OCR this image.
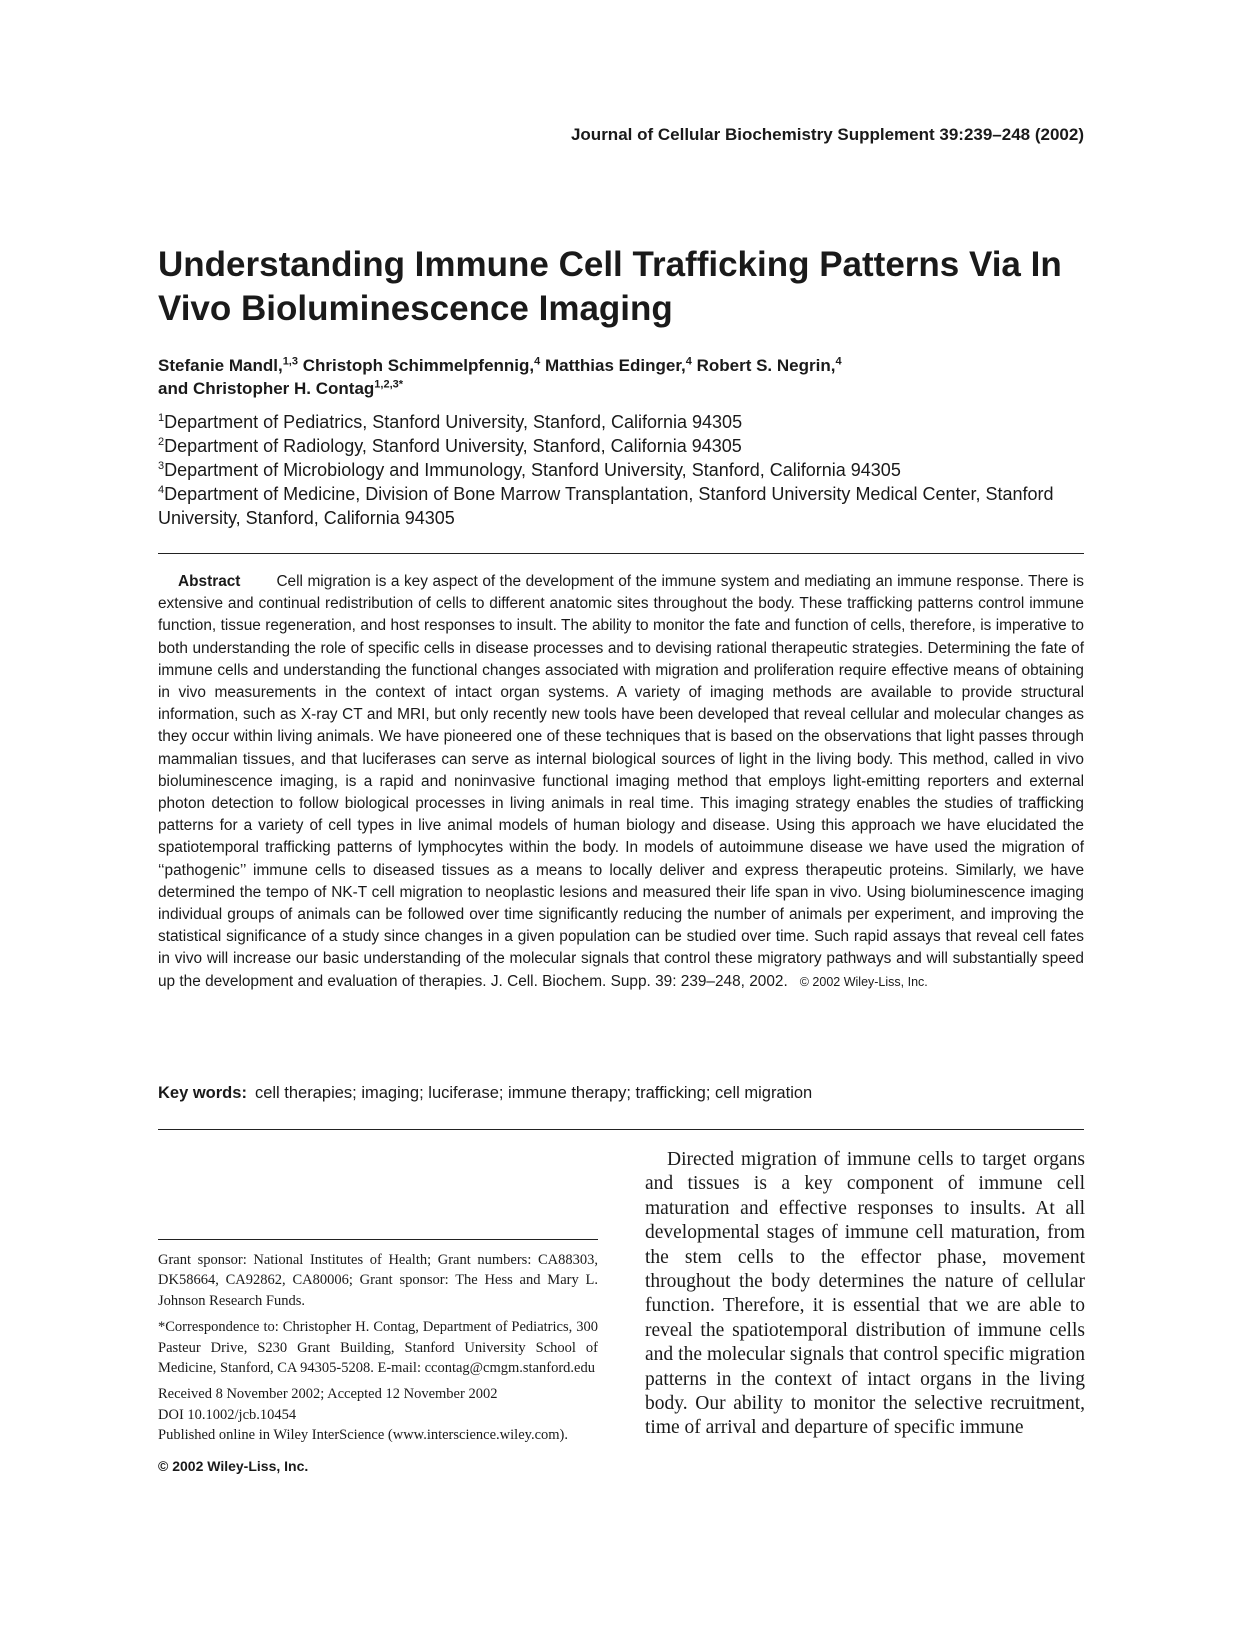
Journal of Cellular Biochemistry Supplement 39:239–248 (2002)
Understanding Immune Cell Trafficking Patterns Via In Vivo Bioluminescence Imaging
Stefanie Mandl,$^{1,3}$ Christoph Schimmelpfennig,$^4$ Matthias Edinger,$^4$ Robert S. Negrin,$^4$
and Christopher H. Contag$^{1,2,3*}$
$^1$Department of Pediatrics, Stanford University, Stanford, California 94305
$^2$Department of Radiology, Stanford University, Stanford, California 94305
$^3$Department of Microbiology and Immunology, Stanford University, Stanford, California 94305
$^4$Department of Medicine, Division of Bone Marrow Transplantation, Stanford University Medical Center, Stanford University, Stanford, California 94305
Abstract Cell migration is a key aspect of the development of the immune system and mediating an immune response. There is extensive and continual redistribution of cells to different anatomic sites throughout the body. These trafficking patterns control immune function, tissue regeneration, and host responses to insult. The ability to monitor the fate and function of cells, therefore, is imperative to both understanding the role of specific cells in disease processes and to devising rational therapeutic strategies. Determining the fate of immune cells and understanding the functional changes associated with migration and proliferation require effective means of obtaining in vivo measurements in the context of intact organ systems. A variety of imaging methods are available to provide structural information, such as X-ray CT and MRI, but only recently new tools have been developed that reveal cellular and molecular changes as they occur within living animals. We have pioneered one of these techniques that is based on the observations that light passes through mammalian tissues, and that luciferases can serve as internal biological sources of light in the living body. This method, called in vivo bioluminescence imaging, is a rapid and noninvasive functional imaging method that employs light-emitting reporters and external photon detection to follow biological processes in living animals in real time. This imaging strategy enables the studies of trafficking patterns for a variety of cell types in live animal models of human biology and disease. Using this approach we have elucidated the spatiotemporal trafficking patterns of lymphocytes within the body. In models of autoimmune disease we have used the migration of ‘‘pathogenic’’ immune cells to diseased tissues as a means to locally deliver and express therapeutic proteins. Similarly, we have determined the tempo of NK-T cell migration to neoplastic lesions and measured their life span in vivo. Using bioluminescence imaging individual groups of animals can be followed over time significantly reducing the number of animals per experiment, and improving the statistical significance of a study since changes in a given population can be studied over time. Such rapid assays that reveal cell fates in vivo will increase our basic understanding of the molecular signals that control these migratory pathways and will substantially speed up the development and evaluation of therapies. J. Cell. Biochem. Supp. 39: 239–248, 2002. © 2002 Wiley-Liss, Inc.
Key words: cell therapies; imaging; luciferase; immune therapy; trafficking; cell migration

Grant sponsor: National Institutes of Health; Grant numbers: CA88303, DK58664, CA92862, CA80006; Grant sponsor: The Hess and Mary L. Johnson Research Funds.

*Correspondence to: Christopher H. Contag, Department of Pediatrics, 300 Pasteur Drive, S230 Grant Building, Stanford University School of Medicine, Stanford, CA 94305-5208. E-mail: ccontag@cmgm.stanford.edu

Received 8 November 2002; Accepted 12 November 2002

DOI 10.1002/jcb.10454

Published online in Wiley InterScience (www.interscience.wiley.com).

© 2002 Wiley-Liss, Inc.

Directed migration of immune cells to target organs and tissues is a key component of immune cell maturation and effective responses to insults. At all developmental stages of immune cell maturation, from the stem cells to the effector phase, movement throughout the body determines the nature of cellular function. Therefore, it is essential that we are able to reveal the spatiotemporal distribution of immune cells and the molecular signals that control specific migration patterns in the context of intact organs in the living body. Our ability to monitor the selective recruitment, time of arrival and departure of specific immune
